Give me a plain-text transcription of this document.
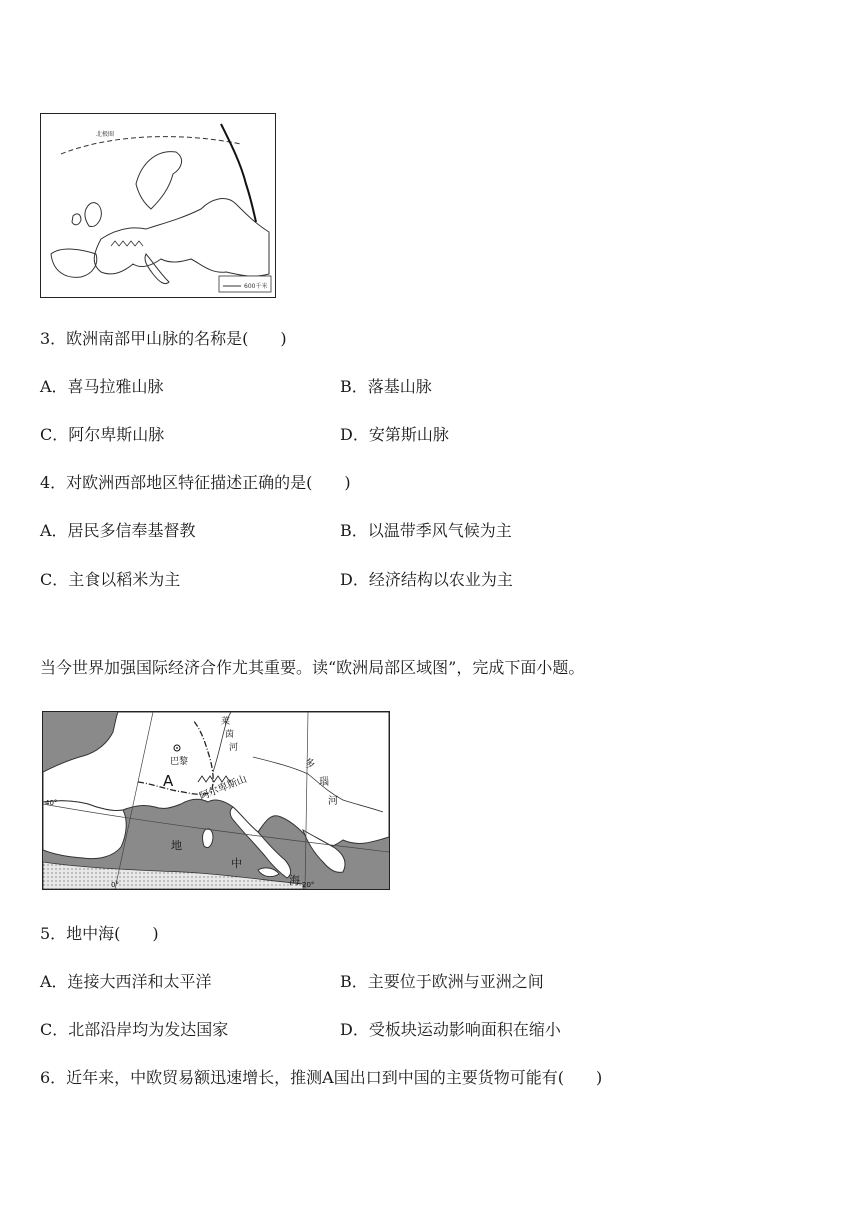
北极圈
600千米
3．欧洲南部甲山脉的名称是(　　)
A．喜马拉雅山脉	B．落基山脉
C．阿尔卑斯山脉	D．安第斯山脉
4．对欧洲西部地区特征描述正确的是(　　)
A．居民多信奉基督教	B．以温带季风气候为主
C．主食以稻米为主	D．经济结构以农业为主
当今世界加强国际经济合作尤其重要。读“欧洲局部区域图”，完成下面小题。
巴黎
A 阿尔卑斯山
莱
茵
河
多
瑙
河
地
中
海
40°
0°	20°
5．地中海(　　)
A．连接大西洋和太平洋	B．主要位于欧洲与亚洲之间
C．北部沿岸均为发达国家	D．受板块运动影响面积在缩小
6．近年来，中欧贸易额迅速增长，推测A国出口到中国的主要货物可能有(　　)
